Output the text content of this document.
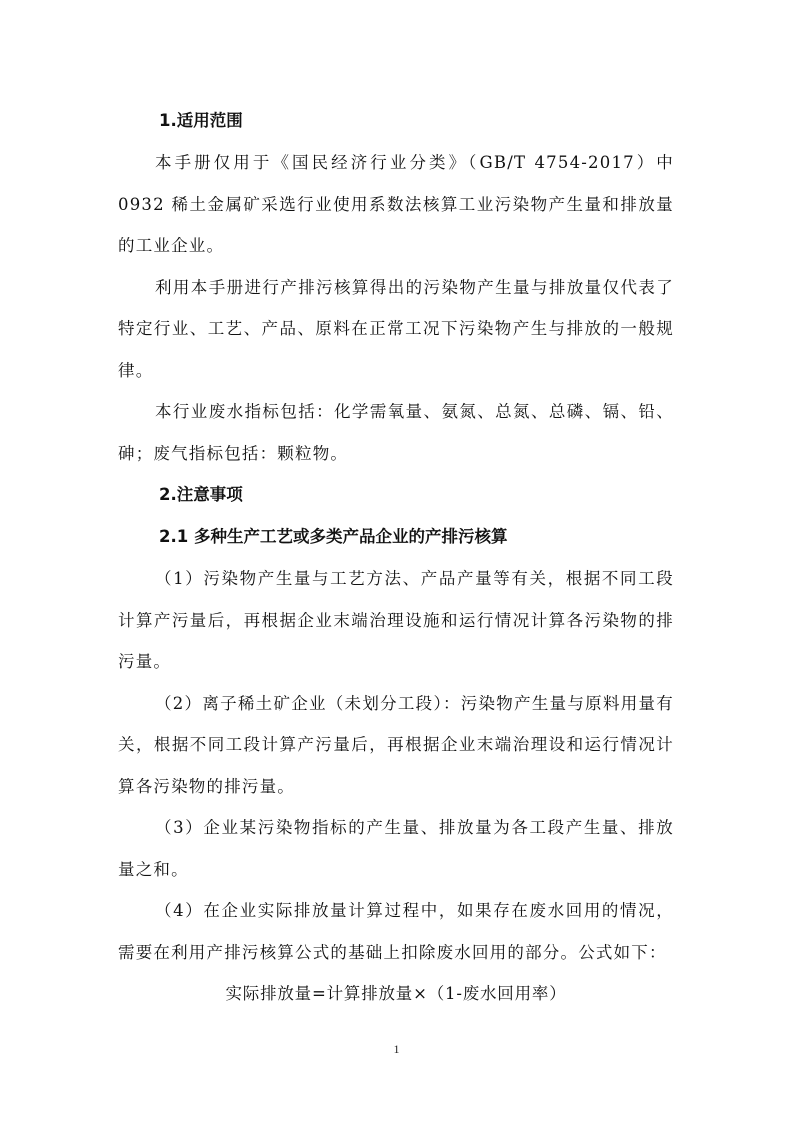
1.适用范围

本手册仅用于《国民经济行业分类》（GB/T 4754-2017）中 0932 稀土金属矿采选行业使用系数法核算工业污染物产生量和排放量的工业企业。

利用本手册进行产排污核算得出的污染物产生量与排放量仅代表了特定行业、工艺、产品、原料在正常工况下污染物产生与排放的一般规律。

本行业废水指标包括：化学需氧量、氨氮、总氮、总磷、镉、铅、砷；废气指标包括：颗粒物。

2.注意事项
2.1 多种生产工艺或多类产品企业的产排污核算

（1）污染物产生量与工艺方法、产品产量等有关，根据不同工段计算产污量后，再根据企业末端治理设施和运行情况计算各污染物的排污量。

（2）离子稀土矿企业（未划分工段）：污染物产生量与原料用量有关，根据不同工段计算产污量后，再根据企业末端治理设和运行情况计算各污染物的排污量。

（3）企业某污染物指标的产生量、排放量为各工段产生量、排放量之和。

（4）在企业实际排放量计算过程中，如果存在废水回用的情况，需要在利用产排污核算公式的基础上扣除废水回用的部分。公式如下：

实际排放量=计算排放量×（1-废水回用率）

1
